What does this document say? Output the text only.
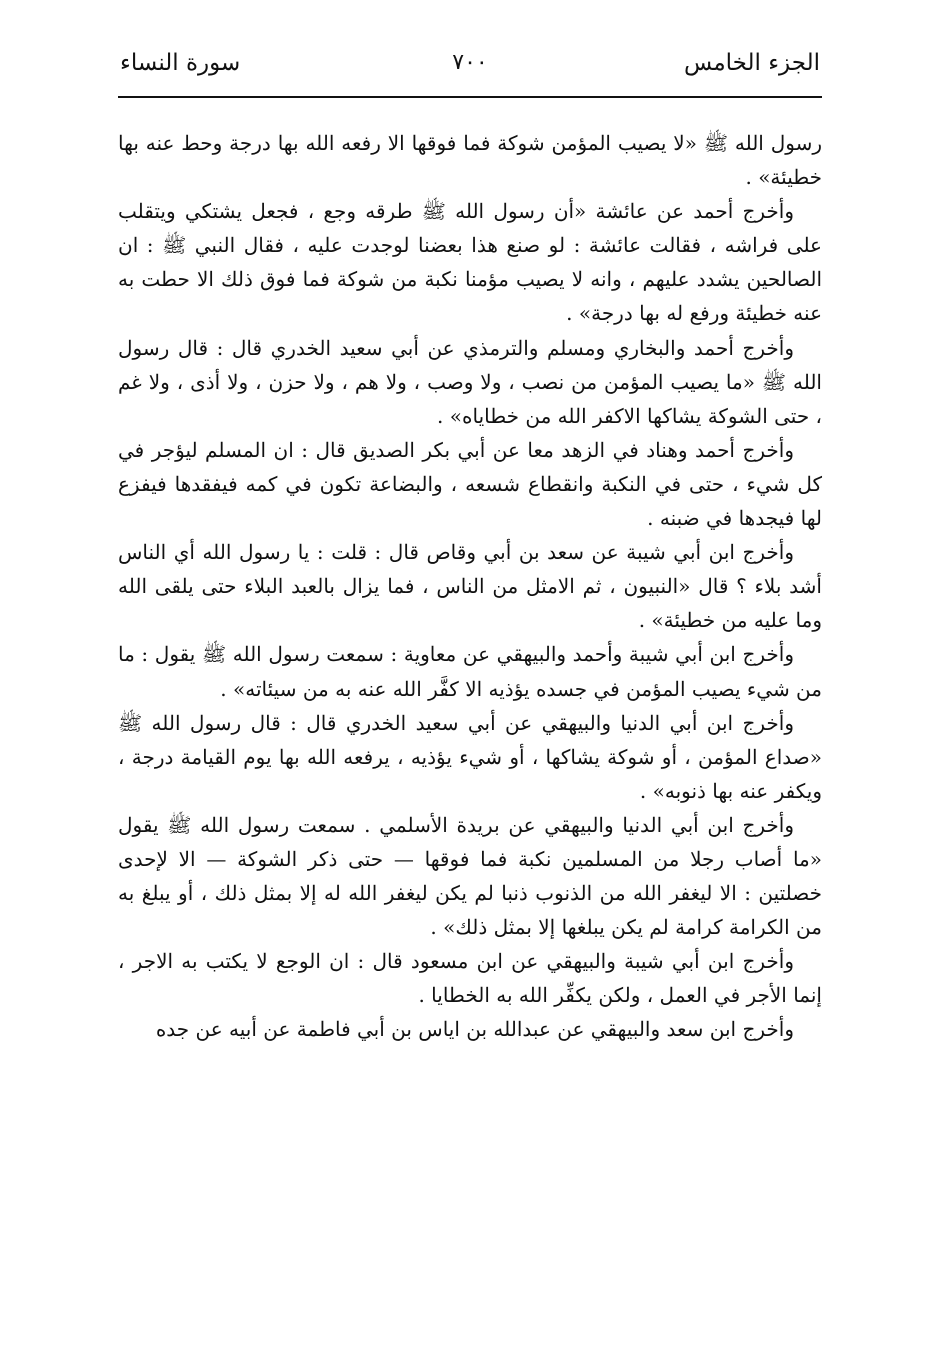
الجزء الخامس
٧٠٠
سورة النساء

رسول الله ﷺ «لا يصيب المؤمن شوكة فما فوقها الا رفعه الله بها درجة وحط عنه بها خطيئة» .

وأخرج أحمد عن عائشة «أن رسول الله ﷺ طرقه وجع ، فجعل يشتكي ويتقلب على فراشه ، فقالت عائشة : لو صنع هذا بعضنا لوجدت عليه ، فقال النبي ﷺ : ان الصالحين يشدد عليهم ، وانه لا يصيب مؤمنا نكبة من شوكة فما فوق ذلك الا حطت به عنه خطيئة ورفع له بها درجة» .

وأخرج أحمد والبخاري ومسلم والترمذي عن أبي سعيد الخدري قال : قال رسول الله ﷺ «ما يصيب المؤمن من نصب ، ولا وصب ، ولا هم ، ولا حزن ، ولا أذى ، ولا غم ، حتى الشوكة يشاكها الاكفر الله من خطاياه» .

وأخرج أحمد وهناد في الزهد معا عن أبي بكر الصديق قال : ان المسلم ليؤجر في كل شيء ، حتى في النكبة وانقطاع شسعه ، والبضاعة تكون في كمه فيفقدها فيفزع لها فيجدها في ضبنه .

وأخرج ابن أبي شيبة عن سعد بن أبي وقاص قال : قلت : يا رسول الله أي الناس أشد بلاء ؟ قال «النبيون ، ثم الامثل من الناس ، فما يزال بالعبد البلاء حتى يلقى الله وما عليه من خطيئة» .

وأخرج ابن أبي شيبة وأحمد والبيهقي عن معاوية : سمعت رسول الله ﷺ يقول : ما من شيء يصيب المؤمن في جسده يؤذيه الا كفَّر الله عنه به من سيئاته» .

وأخرج ابن أبي الدنيا والبيهقي عن أبي سعيد الخدري قال : قال رسول الله ﷺ «صداع المؤمن ، أو شوكة يشاكها ، أو شيء يؤذيه ، يرفعه الله بها يوم القيامة درجة ، ويكفر عنه بها ذنوبه» .

وأخرج ابن أبي الدنيا والبيهقي عن بريدة الأسلمي . سمعت رسول الله ﷺ يقول «ما أصاب رجلا من المسلمين نكبة فما فوقها — حتى ذكر الشوكة — الا لإحدى خصلتين : الا ليغفر الله من الذنوب ذنبا لم يكن ليغفر الله له إلا بمثل ذلك ، أو يبلغ به من الكرامة كرامة لم يكن يبلغها إلا بمثل ذلك» .

وأخرج ابن أبي شيبة والبيهقي عن ابن مسعود قال : ان الوجع لا يكتب به الاجر ، إنما الأجر في العمل ، ولكن يكفِّر الله به الخطايا .

وأخرج ابن سعد والبيهقي عن عبدالله بن اياس بن أبي فاطمة عن أبيه عن جده
